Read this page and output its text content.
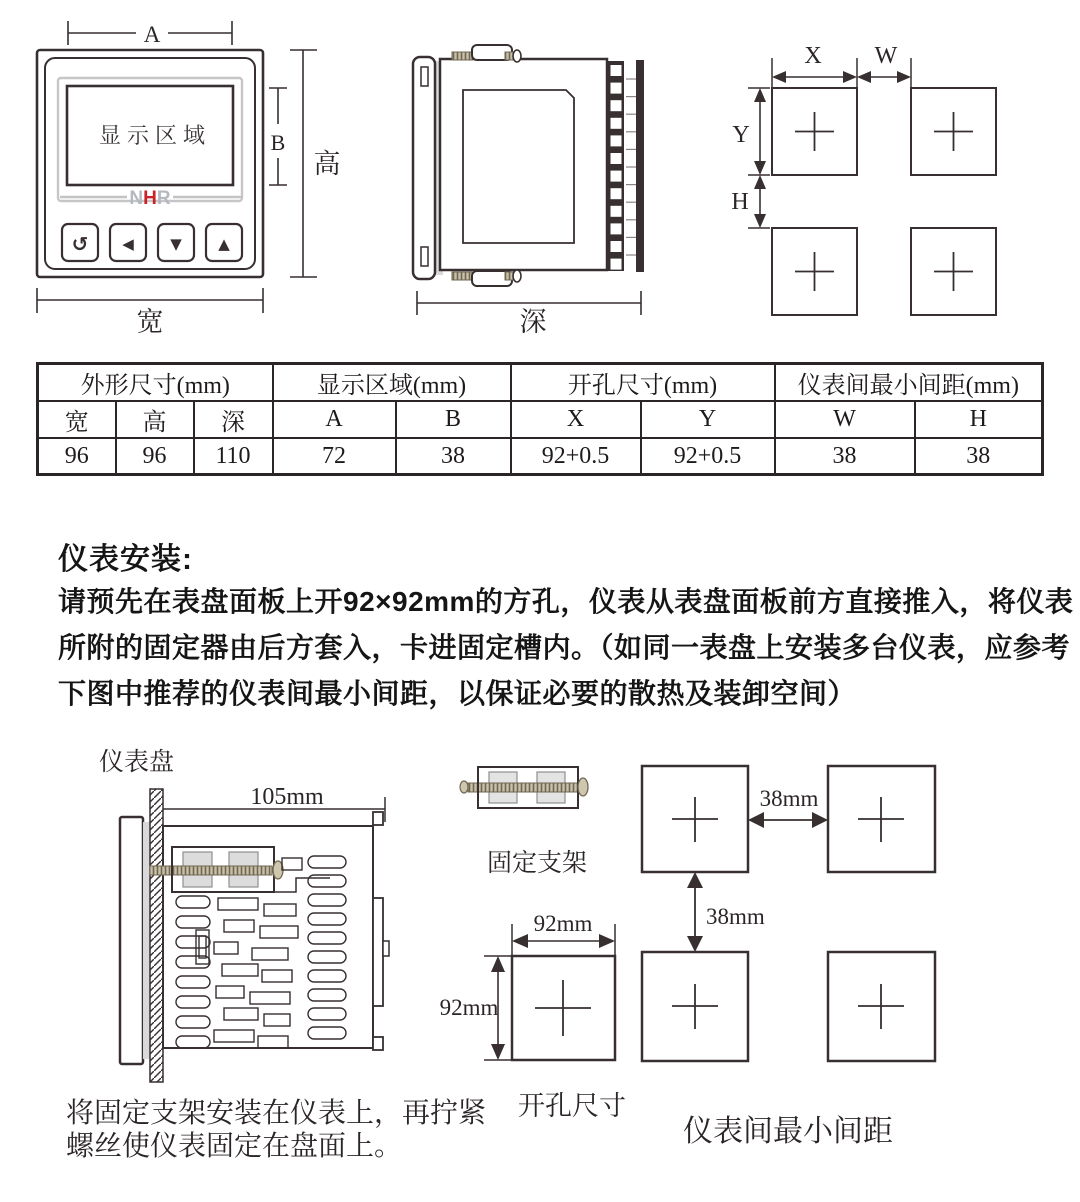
A
显示区域
NHR
↺ ◀ ▼ ▲
B
高
宽	深
X W
Y
H
105mm
92mm
92mm
38mm
38mm
外形尺寸(mm)			显示区域(mm)		开孔尺寸(mm)		仪表间最小间距(mm)	
宽	高	深	A	B	X	Y	W	H
96	96	110	72	38	92+0.5	92+0.5	38	38
仪表安装:
请预先在表盘面板上开92×92mm的方孔，仪表从表盘面板前方直接推入，将仪表
所附的固定器由后方套入，卡进固定槽内。（如同一表盘上安装多台仪表，应参考
下图中推荐的仪表间最小间距，以保证必要的散热及装卸空间）
仪表盘
固定支架
开孔尺寸
仪表间最小间距
将固定支架安装在仪表上，再拧紧
螺丝使仪表固定在盘面上。
